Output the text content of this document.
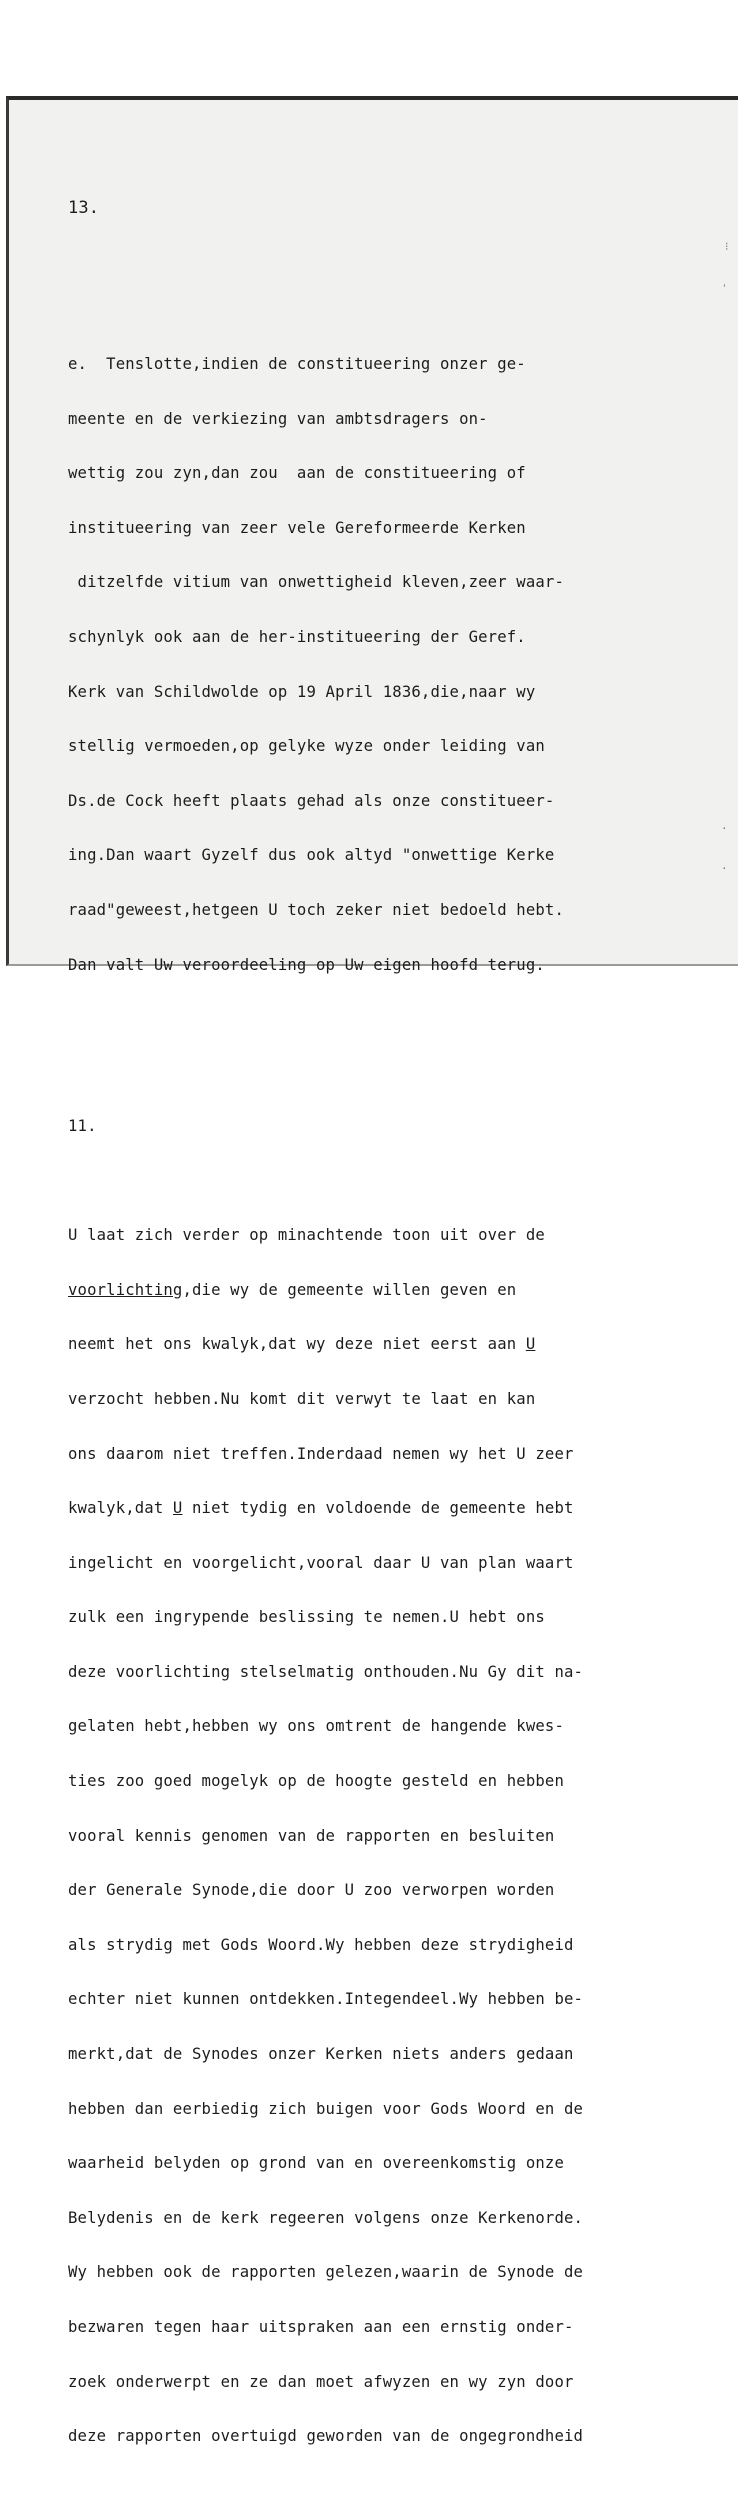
13.

e.  Tenslotte,indien de constitueering onzer ge-

meente en de verkiezing van ambtsdragers on-

wettig zou zyn,dan zou  aan de constitueering of

institueering van zeer vele Gereformeerde Kerken

ditzelfde vitium van onwettigheid kleven,zeer waar-

schynlyk ook aan de her-institueering der Geref.

Kerk van Schildwolde op 19 April 1836,die,naar wy

stellig vermoeden,op gelyke wyze onder leiding van

Ds.de Cock heeft plaats gehad als onze constitueer-

ing.Dan waart Gyzelf dus ook altyd "onwettige Kerke

raad"geweest,hetgeen U toch zeker niet bedoeld hebt.

Dan valt Uw veroordeeling op Uw eigen hoofd terug.

11.

U laat zich verder op minachtende toon uit over de

voorlichting,die wy de gemeente willen geven en

neemt het ons kwalyk,dat wy deze niet eerst aan U

verzocht hebben.Nu komt dit verwyt te laat en kan

ons daarom niet treffen.Inderdaad nemen wy het U zeer

kwalyk,dat U niet tydig en voldoende de gemeente hebt

ingelicht en voorgelicht,vooral daar U van plan waart

zulk een ingrypende beslissing te nemen.U hebt ons

deze voorlichting stelselmatig onthouden.Nu Gy dit na-

gelaten hebt,hebben wy ons omtrent de hangende kwes-

ties zoo goed mogelyk op de hoogte gesteld en hebben

vooral kennis genomen van de rapporten en besluiten

der Generale Synode,die door U zoo verworpen worden

als strydig met Gods Woord.Wy hebben deze strydigheid

echter niet kunnen ontdekken.Integendeel.Wy hebben be-

merkt,dat de Synodes onzer Kerken niets anders gedaan

hebben dan eerbiedig zich buigen voor Gods Woord en de

waarheid belyden op grond van en overeenkomstig onze

Belydenis en de kerk regeeren volgens onze Kerkenorde.

Wy hebben ook de rapporten gelezen,waarin de Synode de

bezwaren tegen haar uitspraken aan een ernstig onder-

zoek onderwerpt en ze dan moet afwyzen en wy zyn door

deze rapporten overtuigd geworden van de ongegrondheid

⁝
ˈ
·
·
